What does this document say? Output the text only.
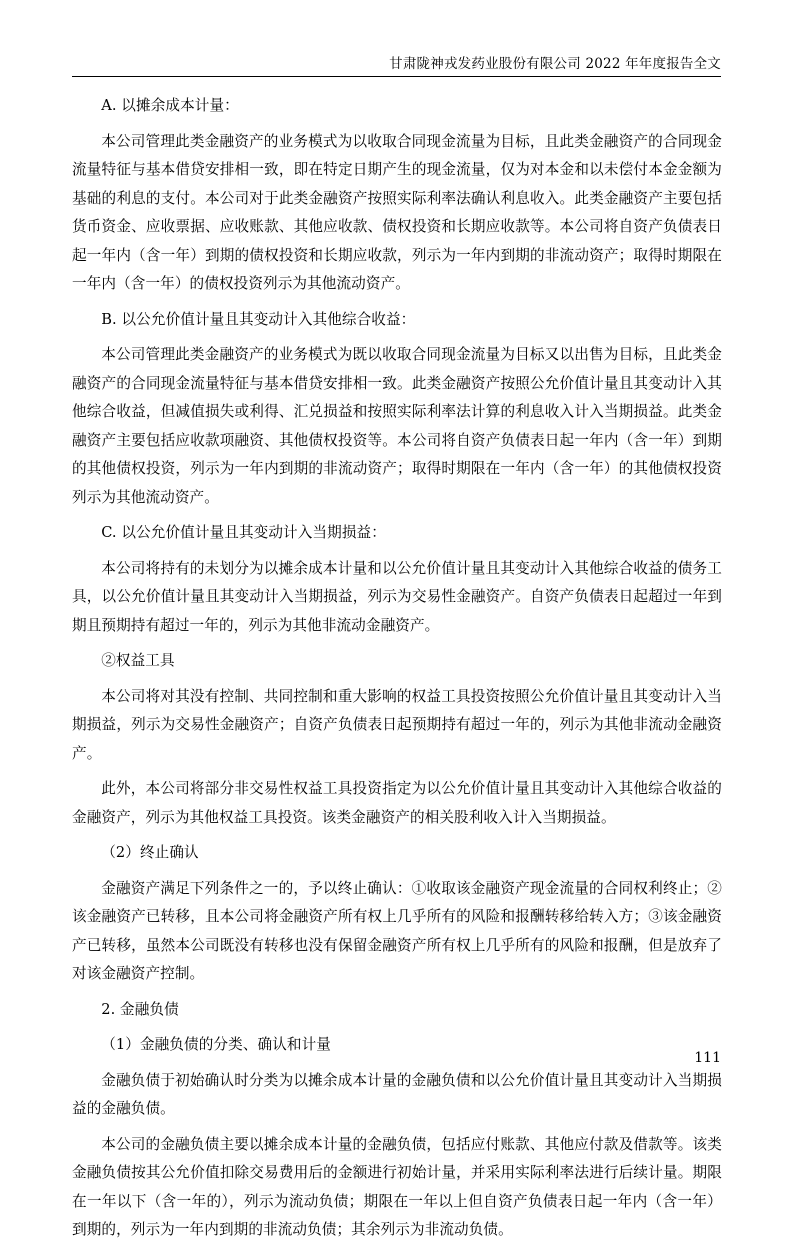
甘肃陇神戎发药业股份有限公司 2022 年年度报告全文

A. 以摊余成本计量：

本公司管理此类金融资产的业务模式为以收取合同现金流量为目标，且此类金融资产的合同现金流量特征与基本借贷安排相一致，即在特定日期产生的现金流量，仅为对本金和以未偿付本金金额为基础的利息的支付。本公司对于此类金融资产按照实际利率法确认利息收入。此类金融资产主要包括货币资金、应收票据、应收账款、其他应收款、债权投资和长期应收款等。本公司将自资产负债表日起一年内（含一年）到期的债权投资和长期应收款，列示为一年内到期的非流动资产；取得时期限在一年内（含一年）的债权投资列示为其他流动资产。

B. 以公允价值计量且其变动计入其他综合收益：

本公司管理此类金融资产的业务模式为既以收取合同现金流量为目标又以出售为目标，且此类金融资产的合同现金流量特征与基本借贷安排相一致。此类金融资产按照公允价值计量且其变动计入其他综合收益，但减值损失或利得、汇兑损益和按照实际利率法计算的利息收入计入当期损益。此类金融资产主要包括应收款项融资、其他债权投资等。本公司将自资产负债表日起一年内（含一年）到期的其他债权投资，列示为一年内到期的非流动资产；取得时期限在一年内（含一年）的其他债权投资列示为其他流动资产。

C. 以公允价值计量且其变动计入当期损益：

本公司将持有的未划分为以摊余成本计量和以公允价值计量且其变动计入其他综合收益的债务工具，以公允价值计量且其变动计入当期损益，列示为交易性金融资产。自资产负债表日起超过一年到期且预期持有超过一年的，列示为其他非流动金融资产。

②权益工具

本公司将对其没有控制、共同控制和重大影响的权益工具投资按照公允价值计量且其变动计入当期损益，列示为交易性金融资产；自资产负债表日起预期持有超过一年的，列示为其他非流动金融资产。

此外，本公司将部分非交易性权益工具投资指定为以公允价值计量且其变动计入其他综合收益的金融资产，列示为其他权益工具投资。该类金融资产的相关股利收入计入当期损益。

（2）终止确认

金融资产满足下列条件之一的，予以终止确认：①收取该金融资产现金流量的合同权利终止；②该金融资产已转移，且本公司将金融资产所有权上几乎所有的风险和报酬转移给转入方；③该金融资产已转移，虽然本公司既没有转移也没有保留金融资产所有权上几乎所有的风险和报酬，但是放弃了对该金融资产控制。

2. 金融负债

（1）金融负债的分类、确认和计量

金融负债于初始确认时分类为以摊余成本计量的金融负债和以公允价值计量且其变动计入当期损益的金融负债。

本公司的金融负债主要以摊余成本计量的金融负债，包括应付账款、其他应付款及借款等。该类金融负债按其公允价值扣除交易费用后的金额进行初始计量，并采用实际利率法进行后续计量。期限在一年以下（含一年的），列示为流动负债；期限在一年以上但自资产负债表日起一年内（含一年）到期的，列示为一年内到期的非流动负债；其余列示为非流动负债。

111
